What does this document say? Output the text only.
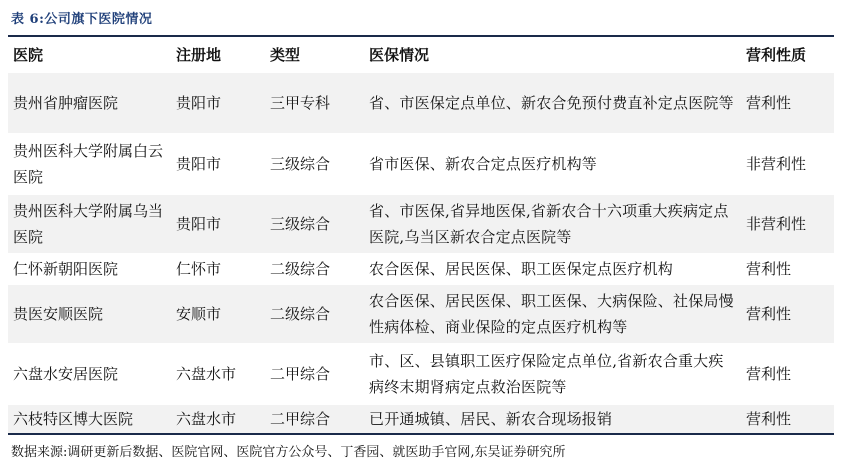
表 6:公司旗下医院情况
医院	注册地	类型	医保情况	营利性质
贵州省肿瘤医院	贵阳市	三甲专科	省、市医保定点单位、新农合免预付费直补定点医院等	营利性
贵州医科大学附属白云医院	贵阳市	三级综合	省市医保、新农合定点医疗机构等	非营利性
贵州医科大学附属乌当医院	贵阳市	三级综合	省、市医保,省异地医保,省新农合十六项重大疾病定点医院,乌当区新农合定点医院等	非营利性
仁怀新朝阳医院	仁怀市	二级综合	农合医保、居民医保、职工医保定点医疗机构	营利性
贵医安顺医院	安顺市	二级综合	农合医保、居民医保、职工医保、大病保险、社保局慢性病体检、商业保险的定点医疗机构等	营利性
六盘水安居医院	六盘水市	二甲综合	市、区、县镇职工医疗保险定点单位,省新农合重大疾病终末期肾病定点救治医院等	营利性
六枝特区博大医院	六盘水市	二甲综合	已开通城镇、居民、新农合现场报销	营利性
数据来源:调研更新后数据、医院官网、医院官方公众号、丁香园、就医助手官网,东吴证券研究所
